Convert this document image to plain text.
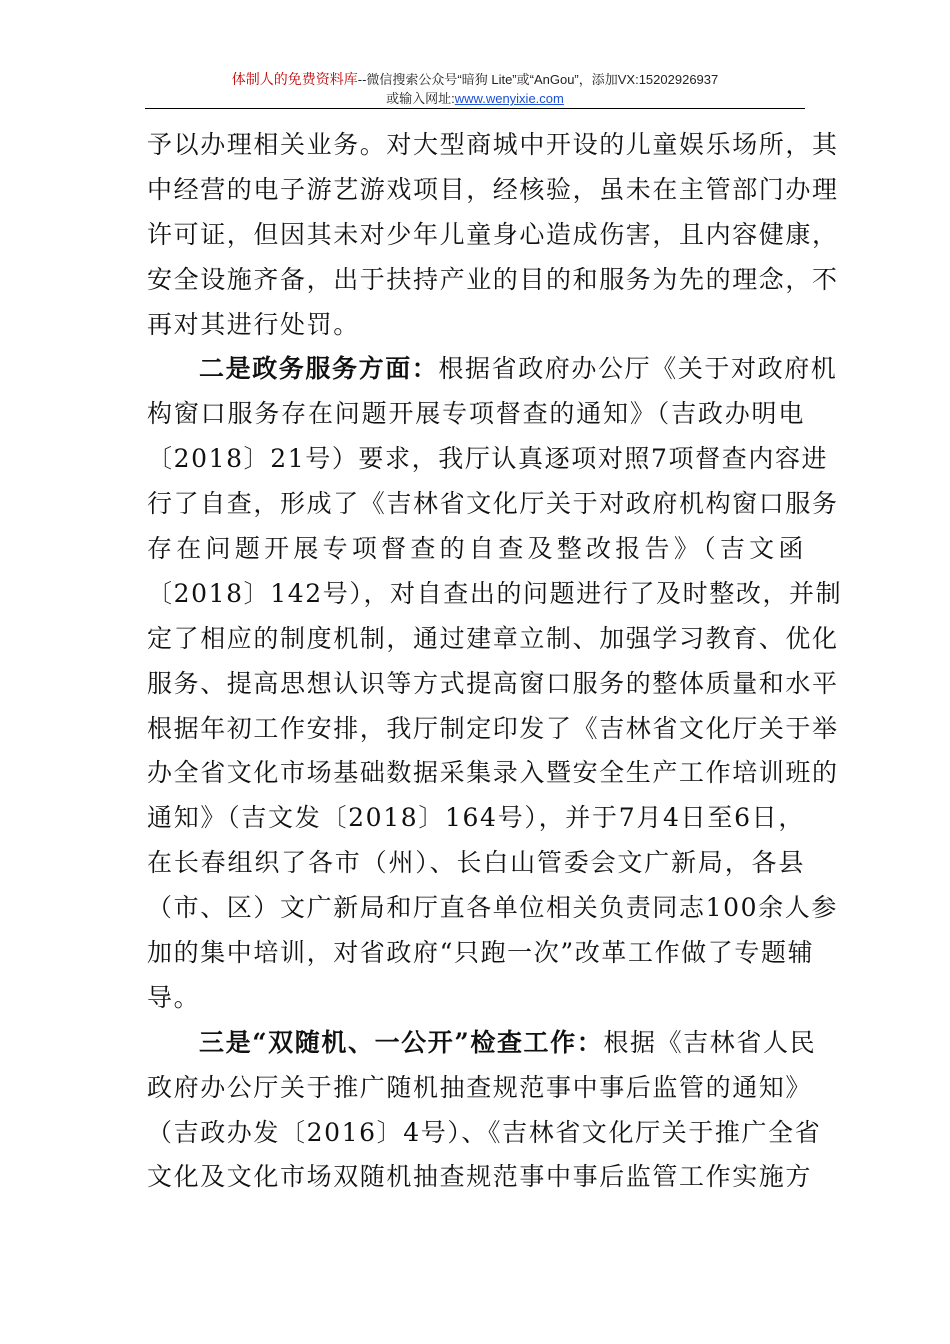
体制人的免费资料库--微信搜索公众号“暗狗 Lite”或“AnGou”，添加VX:15202926937
或输入网址:www.wenyixie.com
予以办理相关业务。对大型商城中开设的儿童娱乐场所，其
中经营的电子游艺游戏项目，经核验，虽未在主管部门办理
许可证，但因其未对少年儿童身心造成伤害，且内容健康，
安全设施齐备，出于扶持产业的目的和服务为先的理念，不
再对其进行处罚。
二是政务服务方面：根据省政府办公厅《关于对政府机
构窗口服务存在问题开展专项督查的通知》（吉政办明电
〔2018〕21号）要求，我厅认真逐项对照7项督查内容进
行了自查，形成了《吉林省文化厅关于对政府机构窗口服务
存在问题开展专项督查的自查及整改报告》（吉文函
〔2018〕142号），对自查出的问题进行了及时整改，并制
定了相应的制度机制，通过建章立制、加强学习教育、优化
服务、提高思想认识等方式提高窗口服务的整体质量和水平
根据年初工作安排，我厅制定印发了《吉林省文化厅关于举
办全省文化市场基础数据采集录入暨安全生产工作培训班的
通知》（吉文发〔2018〕164号），并于7月4日至6日，
在长春组织了各市（州）、长白山管委会文广新局，各县
（市、区）文广新局和厅直各单位相关负责同志100余人参
加的集中培训，对省政府“只跑一次”改革工作做了专题辅
导。
三是“双随机、一公开”检查工作：根据《吉林省人民
政府办公厅关于推广随机抽查规范事中事后监管的通知》
（吉政办发〔2016〕4号）、《吉林省文化厅关于推广全省
文化及文化市场双随机抽查规范事中事后监管工作实施方
